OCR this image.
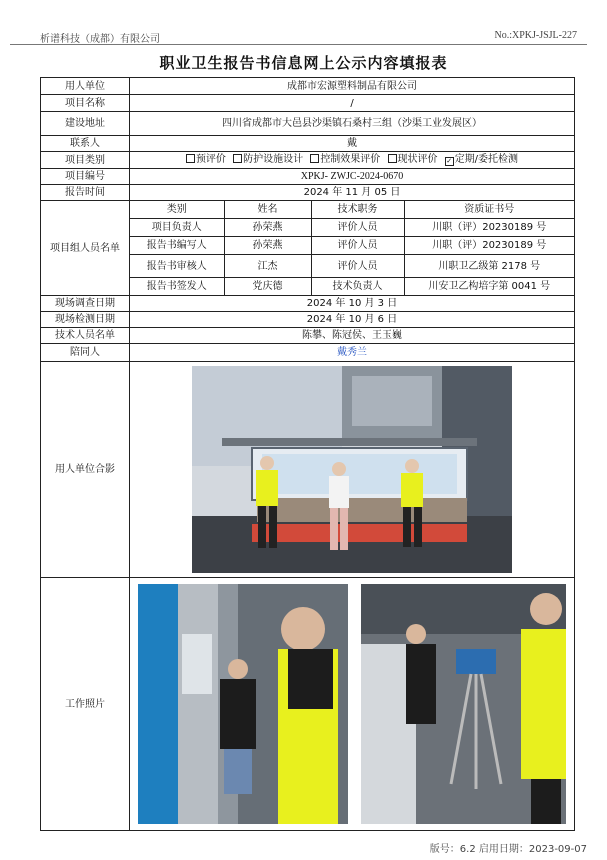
析谱科技（成都）有限公司	No.:XPKJ-JSJL-227
职业卫生报告书信息网上公示内容填报表
用人单位	成都市宏源塑料制品有限公司
项目名称	/
建设地址	四川省成都市大邑县沙渠镇石桑村三组（沙渠工业发展区）
联系人	戴
项目类别	预评价 防护设施设计 控制效果评价 现状评价 ✓ 定期/委托检测
项目编号	XPKJ- ZWJC-2024-0670
报告时间	2024 年 11 月 05 日
项目组人员名单	
类别	姓名	技术职务	资质证书号
项目负责人	孙荣燕	评价人员	川职（评）20230189 号
报告书编写人	孙荣燕	评价人员	川职（评）20230189 号
报告书审核人	江杰	评价人员	川职卫乙级第 2178 号
报告书签发人	党庆德	技术负责人	川安卫乙构培字第 0041 号

现场调查日期	2024 年 10 月 3 日
现场检测日期	2024 年 10 月 6 日
技术人员名单	陈攀、陈冠侯、王玉巍
陪同人	戴秀兰
用人单位合影	

工作照片	
版号：6.2 启用日期：2023-09-07
